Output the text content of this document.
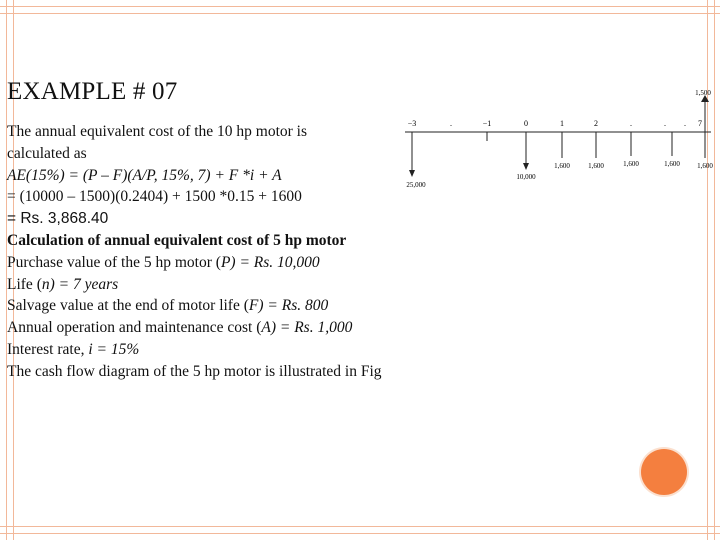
EXAMPLE # 07
−3	.	−1	0	1	2	.	. . 7
1,500
25,000
10,000
1,600	1,600	1,600	1,600 1,600
The annual equivalent cost of the 10 hp motor is
calculated as
AE(15%) = (P – F)(A/P, 15%, 7) + F *i + A
= (10000 – 1500)(0.2404) + 1500 *0.15 + 1600
= Rs. 3,868.40
Calculation of annual equivalent cost of 5 hp motor
Purchase value of the 5 hp motor (P) = Rs. 10,000
Life (n) = 7 years
Salvage value at the end of motor life (F) = Rs. 800
Annual operation and maintenance cost (A) = Rs. 1,000
Interest rate, i = 15%
The cash flow diagram of the 5 hp motor is illustrated in Fig
